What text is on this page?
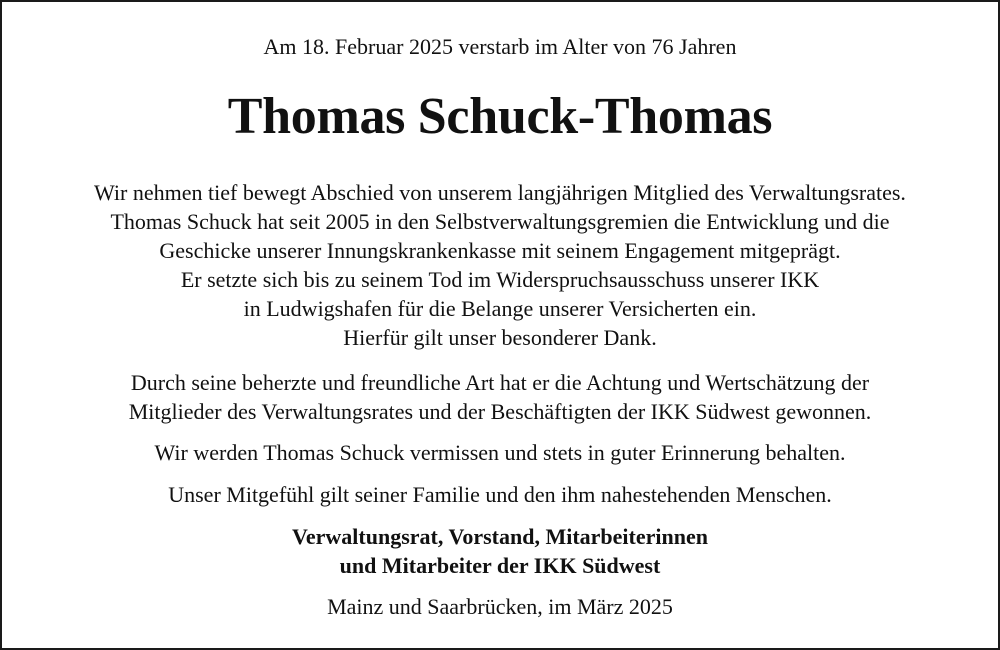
Am 18. Februar 2025 verstarb im Alter von 76 Jahren

Thomas Schuck-Thomas

Wir nehmen tief bewegt Abschied von unserem langjährigen Mitglied des Verwaltungsrates.
Thomas Schuck hat seit 2005 in den Selbstverwaltungsgremien die Entwicklung und die
Geschicke unserer Innungskrankenkasse mit seinem Engagement mitgeprägt.
Er setzte sich bis zu seinem Tod im Widerspruchsausschuss unserer IKK
in Ludwigshafen für die Belange unserer Versicherten ein.
Hierfür gilt unser besonderer Dank.

Durch seine beherzte und freundliche Art hat er die Achtung und Wertschätzung der
Mitglieder des Verwaltungsrates und der Beschäftigten der IKK Südwest gewonnen.

Wir werden Thomas Schuck vermissen und stets in guter Erinnerung behalten.

Unser Mitgefühl gilt seiner Familie und den ihm nahestehenden Menschen.

Verwaltungsrat, Vorstand, Mitarbeiterinnen
und Mitarbeiter der IKK Südwest

Mainz und Saarbrücken, im März 2025
